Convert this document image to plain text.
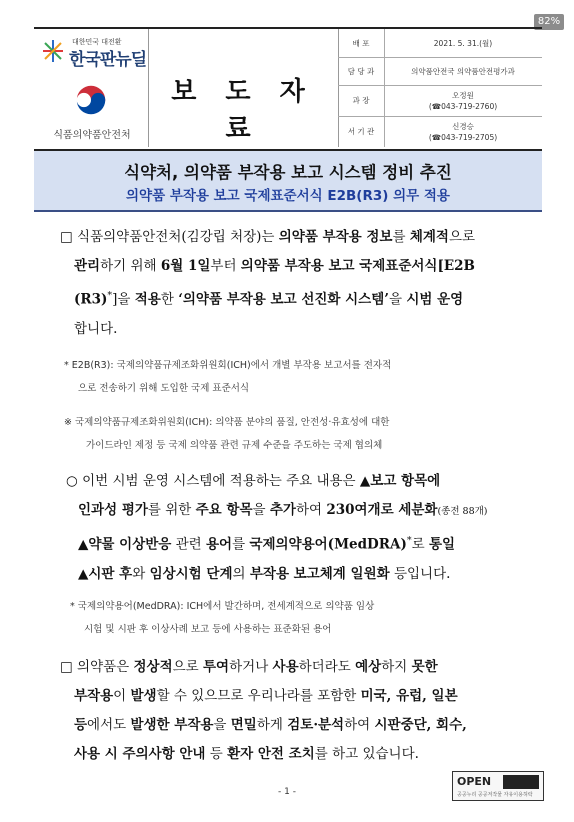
82%
대한민국 대전환
한국판뉴딜
식품의약품안전처
보 도 자 료
배 포	2021. 5. 31.(월)
담 당 과	의약품안전국 의약품안전평가과
과 장
오정원
(☎043-719-2760)
서 기 관
신경승
(☎043-719-2705)
식약처, 의약품 부작용 보고 시스템 정비 추진
의약품 부작용 보고 국제표준서식 E2B(R3) 의무 적용
□ 식품의약품안전처(김강립 처장)는 의약품 부작용 정보를 체계적으로
관리하기 위해 6월 1일부터 의약품 부작용 보고 국제표준서식[E2B
(R3)*]을 적용한 ‘의약품 부작용 보고 선진화 시스템’을 시범 운영
합니다.
* E2B(R3): 국제의약품규제조화위원회(ICH)에서 개별 부작용 보고서를 전자적
으로 전송하기 위해 도입한 국제 표준서식
※ 국제의약품규제조화위원회(ICH): 의약품 분야의 품질, 안전성·유효성에 대한
가이드라인 제정 등 국제 의약품 관련 규제 수준을 주도하는 국제 협의체
○ 이번 시범 운영 시스템에 적용하는 주요 내용은 ▲보고 항목에
인과성 평가를 위한 주요 항목을 추가하여 230여개로 세분화(종전 88개)
▲약물 이상반응 관련 용어를 국제의약용어(MedDRA)*로 통일
▲시판 후와 임상시험 단계의 부작용 보고체계 일원화 등입니다.
* 국제의약용어(MedDRA): ICH에서 발간하며, 전세계적으로 의약품 임상
시험 및 시판 후 이상사례 보고 등에 사용하는 표준화된 용어
□ 의약품은 정상적으로 투여하거나 사용하더라도 예상하지 못한
부작용이 발생할 수 있으므로 우리나라를 포함한 미국, 유럽, 일본
등에서도 발생한 부작용을 면밀하게 검토·분석하여 시판중단, 회수,
사용 시 주의사항 안내 등 환자 안전 조치를 하고 있습니다.
- 1 -
OPEN
공공누리 공공저작물 자유이용허락
